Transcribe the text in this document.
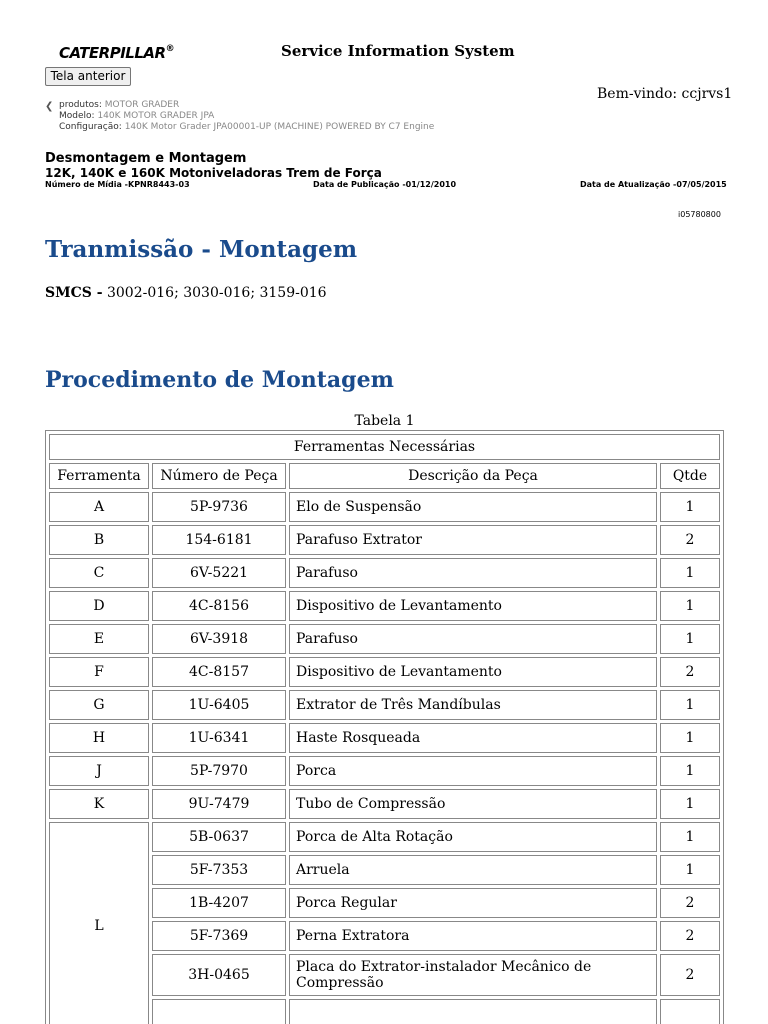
CATERPILLAR®	Service Information System
Tela anterior
Bem-vindo: ccjrvs1
❮ produtos: MOTOR GRADER
Modelo: 140K MOTOR GRADER JPA
Configuração: 140K Motor Grader JPA00001-UP (MACHINE) POWERED BY C7 Engine
Desmontagem e Montagem
12K, 140K e 160K Motoniveladoras Trem de Força
Número de Mídia -KPNR8443-03	Data de Publicação -01/12/2010	Data de Atualização -07/05/2015
i05780800
Tranmissão - Montagem
SMCS - 3002-016; 3030-016; 3159-016
Procedimento de Montagem
Tabela 1
Ferramentas Necessárias			
Ferramenta	Número de Peça	Descrição da Peça	Qtde
A	5P-9736	Elo de Suspensão	1
B	154-6181	Parafuso Extrator	2
C	6V-5221	Parafuso	1
D	4C-8156	Dispositivo de Levantamento	1
E	6V-3918	Parafuso	1
F	4C-8157	Dispositivo de Levantamento	2
G	1U-6405	Extrator de Três Mandíbulas	1
H	1U-6341	Haste Rosqueada	1
J	5P-7970	Porca	1
K	9U-7479	Tubo de Compressão	1
L	5B-0637	Porca de Alta Rotação	1
	5F-7353	Arruela	1
	1B-4207	Porca Regular	2
	5F-7369	Perna Extratora	2
	3H-0465	Placa do Extrator-instalador Mecânico de Compressão	2
